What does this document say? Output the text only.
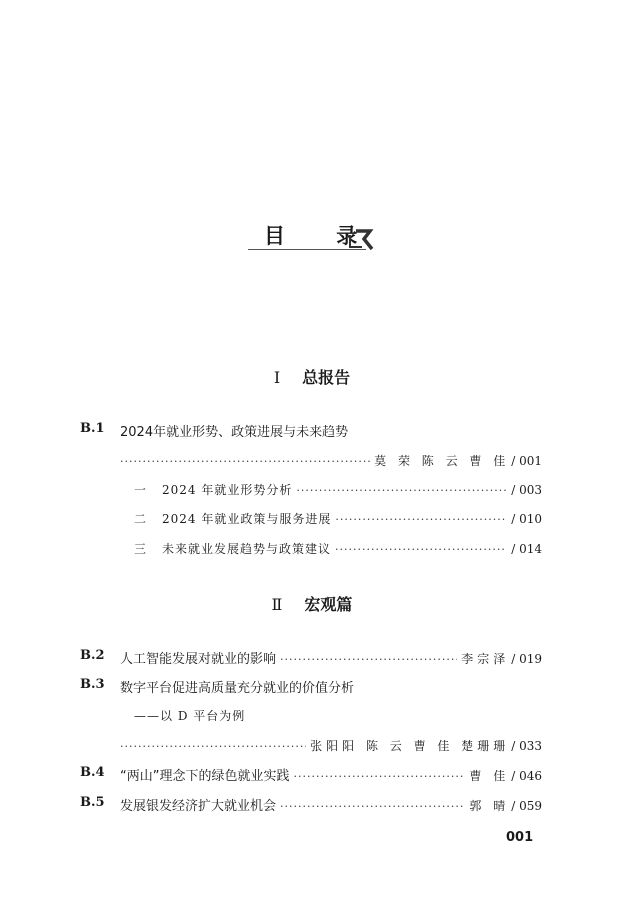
目 录
Ⅰ 总报告
B.1 2024年就业形势、政策进展与未来趋势
·····
莫 荣 陈 云 曹 佳 / 001
一	2024 年就业形势分析 ·····	/ 003
二	2024 年就业政策与服务进展 ·····	/ 010
三	未来就业发展趋势与政策建议 ·····	/ 014
Ⅱ 宏观篇
B.2 人工智能发展对就业的影响 ·····	李宗泽 / 019
B.3 数字平台促进高质量充分就业的价值分析
——以 D 平台为例
·····
张阳阳 陈 云 曹 佳 楚珊珊 / 033
B.4 “两山”理念下的绿色就业实践 ·····	曹 佳 / 046
B.5 发展银发经济扩大就业机会 ·····	郭 晴 / 059
001
